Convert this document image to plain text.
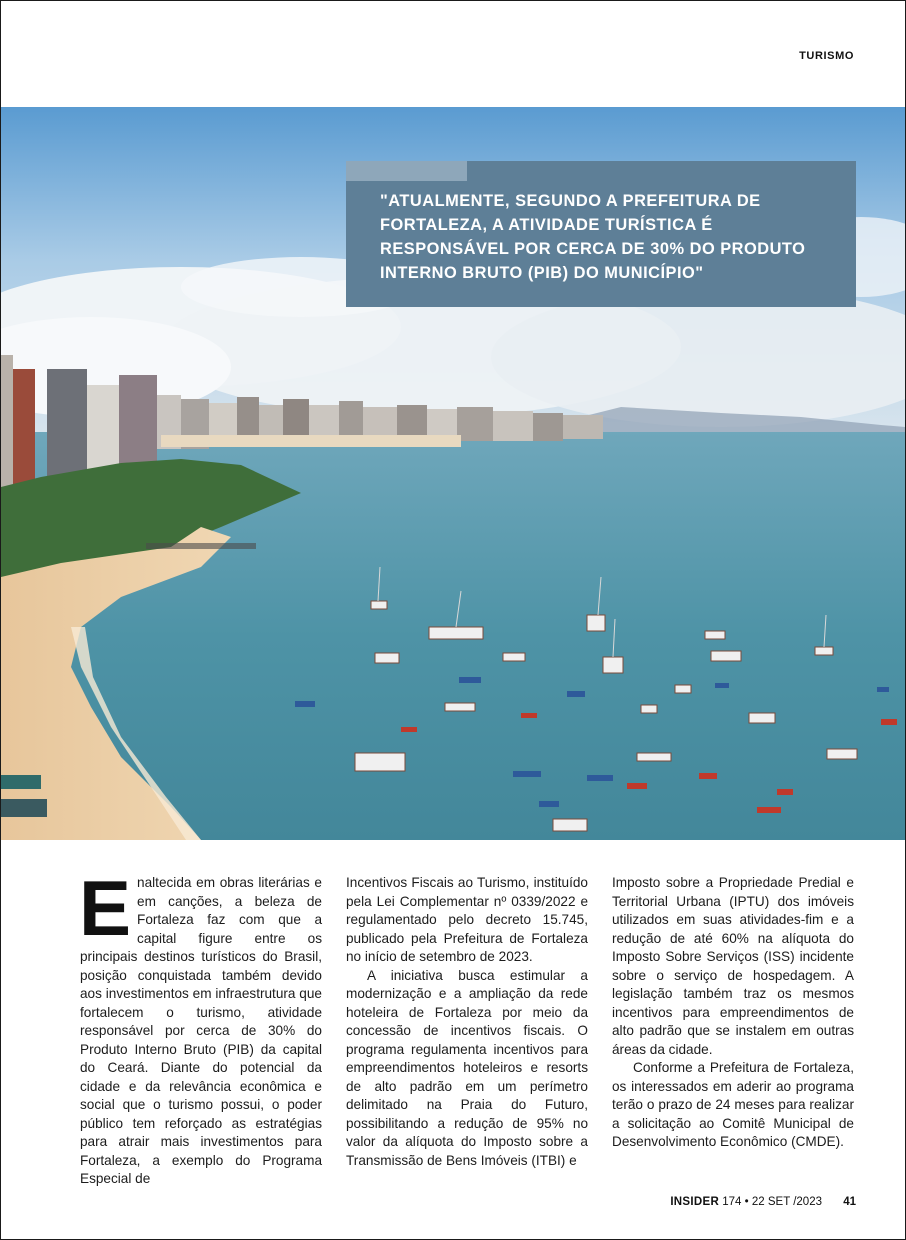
TURISMO

"ATUALMENTE, SEGUNDO A PREFEITURA DE FORTALEZA, A ATIVIDADE TURÍSTICA É RESPONSÁVEL POR CERCA DE 30% DO PRODUTO INTERNO BRUTO (PIB) DO MUNICÍPIO"

E naltecida em obras literárias e em canções, a beleza de Fortaleza faz com que a capital figure entre os principais destinos turísticos do Brasil, posição conquistada também devido aos investimentos em infraestrutura que fortalecem o turismo, atividade responsável por cerca de 30% do Produto Interno Bruto (PIB) da capital do Ceará. Diante do potencial da cidade e da relevância econômica e social que o turismo possui, o poder público tem reforçado as estratégias para atrair mais investimentos para Fortaleza, a exemplo do Programa Especial de

Incentivos Fiscais ao Turismo, instituído pela Lei Complementar nº 0339/2022 e regulamentado pelo decreto 15.745, publicado pela Prefeitura de Fortaleza no início de setembro de 2023.

A iniciativa busca estimular a modernização e a ampliação da rede hoteleira de Fortaleza por meio da concessão de incentivos fiscais. O programa regulamenta incentivos para empreendimentos hoteleiros e resorts de alto padrão em um perímetro delimitado na Praia do Futuro, possibilitando a redução de 95% no valor da alíquota do Imposto sobre a Transmissão de Bens Imóveis (ITBI) e

Imposto sobre a Propriedade Predial e Territorial Urbana (IPTU) dos imóveis utilizados em suas atividades-fim e a redução de até 60% na alíquota do Imposto Sobre Serviços (ISS) incidente sobre o serviço de hospedagem. A legislação também traz os mesmos incentivos para empreendimentos de alto padrão que se instalem em outras áreas da cidade.

Conforme a Prefeitura de Fortaleza, os interessados em aderir ao programa terão o prazo de 24 meses para realizar a solicitação ao Comitê Municipal de Desenvolvimento Econômico (CMDE).

INSIDER 174 • 22 SET /2023 41
